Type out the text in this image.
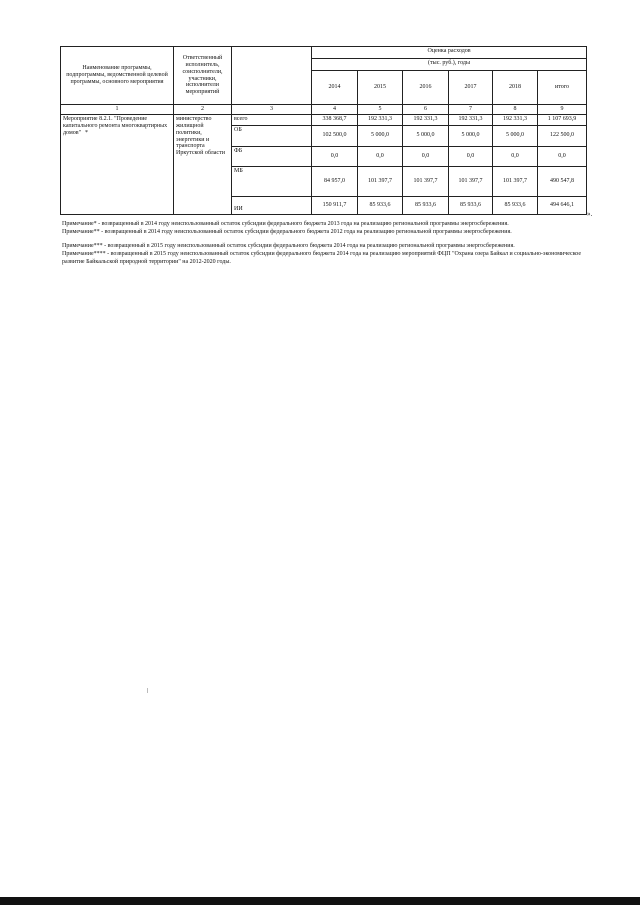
Наименование программы, подпрограммы, ведомственной целевой программы, основного мероприятия	Ответственный исполнитель, соисполнители, участники, исполнители мероприятий		Оценка расходов					
			(тыс. руб.), годы					
			2014	2015	2016	2017	2018	итого
1	2	3	4	5	6	7	8	9
Мероприятие 8.2.1. "Проведение капитального ремонта многоквартирных домов" *	министерство жилищной политики, энергетики и транспорта Иркутской области	всего	338 368,7	192 331,3	192 331,3	192 331,3	192 331,3	1 107 693,9
		ОБ	102 500,0	5 000,0	5 000,0	5 000,0	5 000,0	122 500,0
		ФБ	0,0	0,0	0,0	0,0	0,0	0,0
		МБ	84 957,0	101 397,7	101 397,7	101 397,7	101 397,7	490 547,8
		ИИ	150 911,7	85 933,6	85 933,6	85 933,6	85 933,6	494 646,1
».

Примечание* - возвращенный в 2014 году неиспользованный остаток субсидии федерального бюджета 2013 года на реализацию региональной программы энергосбережения.

Примечание** - возвращенный в 2014 году неиспользованный остаток субсидии федерального бюджета 2012 года на реализацию региональной программы энергосбережения.

Примечание*** - возвращенный в 2015 году неиспользованный остаток субсидии федерального бюджета 2014 года на реализацию региональной программы энергосбережения.

Примечание**** - возвращенный в 2015 году неиспользованный остаток субсидии федерального бюджета 2014 года на реализацию мероприятий ФЦП "Охрана озера Байкал и социально-экономическое развитие Байкальской природной территории" на 2012-2020 годы.
